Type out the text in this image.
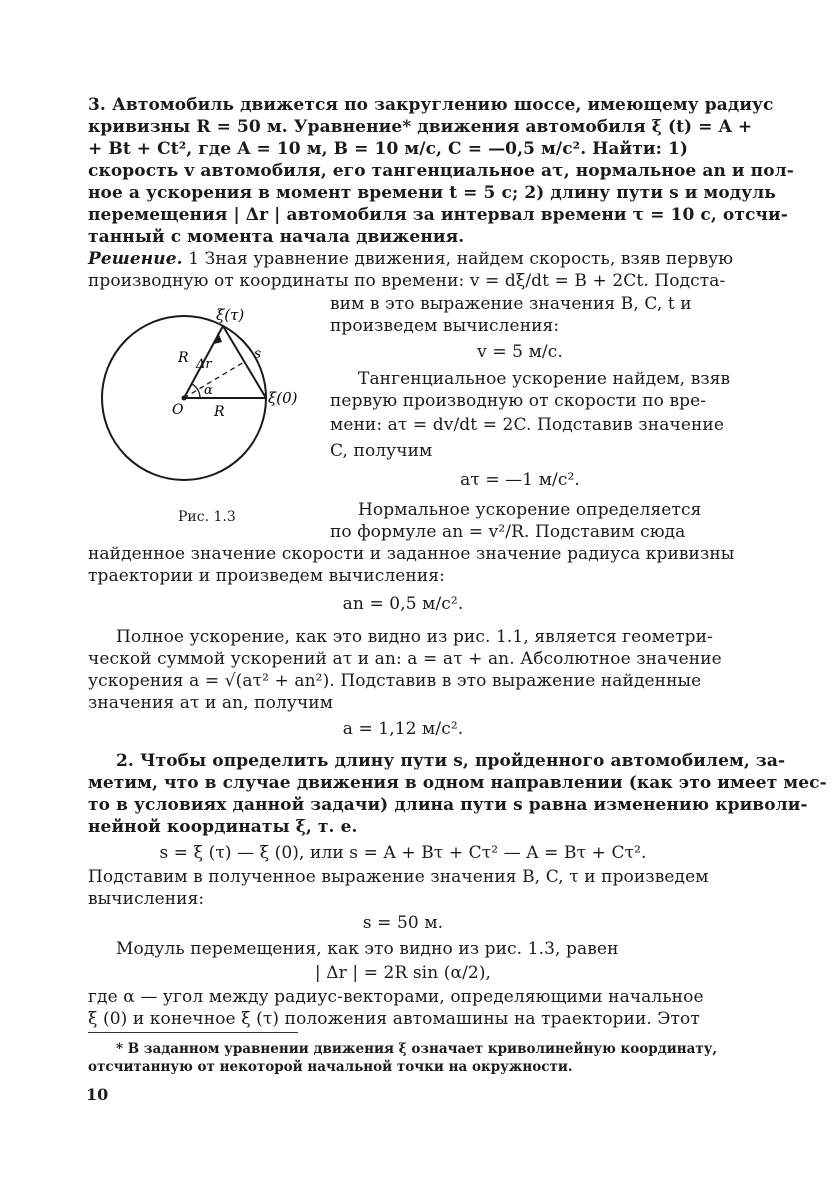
3. Автомобиль движется по закруглению шоссе, имеющему радиус

кривизны R = 50 м. Уравнение* движения автомобиля ξ (t) = A +

+ Bt + Ct², где A = 10 м, B = 10 м/с, C = —0,5 м/с². Найти: 1)

скорость v автомобиля, его тангенциальное aτ, нормальное an и пол-

ное a ускорения в момент времени t = 5 с; 2) длину пути s и модуль

перемещения | Δr | автомобиля за интервал времени τ = 10 с, отсчи-

танный с момента начала движения.

Решение. 1 Зная уравнение движения, найдем скорость, взяв первую

производную от координаты по времени: v = dξ/dt = B + 2Ct. Подста-

вим в это выражение значения B, C, t и

произведем вычисления:

v = 5 м/с.

Тангенциальное ускорение найдем, взяв

первую производную от скорости по вре-

мени: aτ = dv/dt = 2C. Подставив значение

C, получим

aτ = —1 м/с².

Нормальное ускорение определяется

по формуле an = v²/R. Подставим сюда

ξ(τ)
ξ(0)
O
R
R
Δr
α
s
Рис. 1.3

найденное значение скорости и заданное значение радиуса кривизны

траектории и произведем вычисления:

an = 0,5 м/с².

Полное ускорение, как это видно из рис. 1.1, является геометри-

ческой суммой ускорений aτ и an: a = aτ + an. Абсолютное значение

ускорения a = √(aτ² + an²). Подставив в это выражение найденные

значения aτ и an, получим

a = 1,12 м/с².

2. Чтобы определить длину пути s, пройденного автомобилем, за-

метим, что в случае движения в одном направлении (как это имеет мес-

то в условиях данной задачи) длина пути s равна изменению криволи-

нейной координаты ξ, т. е.

s = ξ (τ) — ξ (0), или s = A + Bτ + Cτ² — A = Bτ + Cτ².

Подставим в полученное выражение значения B, C, τ и произведем

вычисления:

s = 50 м.

Модуль перемещения, как это видно из рис. 1.3, равен

| Δr | = 2R sin (α/2),

где α — угол между радиус-векторами, определяющими начальное

ξ (0) и конечное ξ (τ) положения автомашины на траектории. Этот

* В заданном уравнении движения ξ означает криволинейную координату,

отсчитанную от некоторой начальной точки на окружности.

10
